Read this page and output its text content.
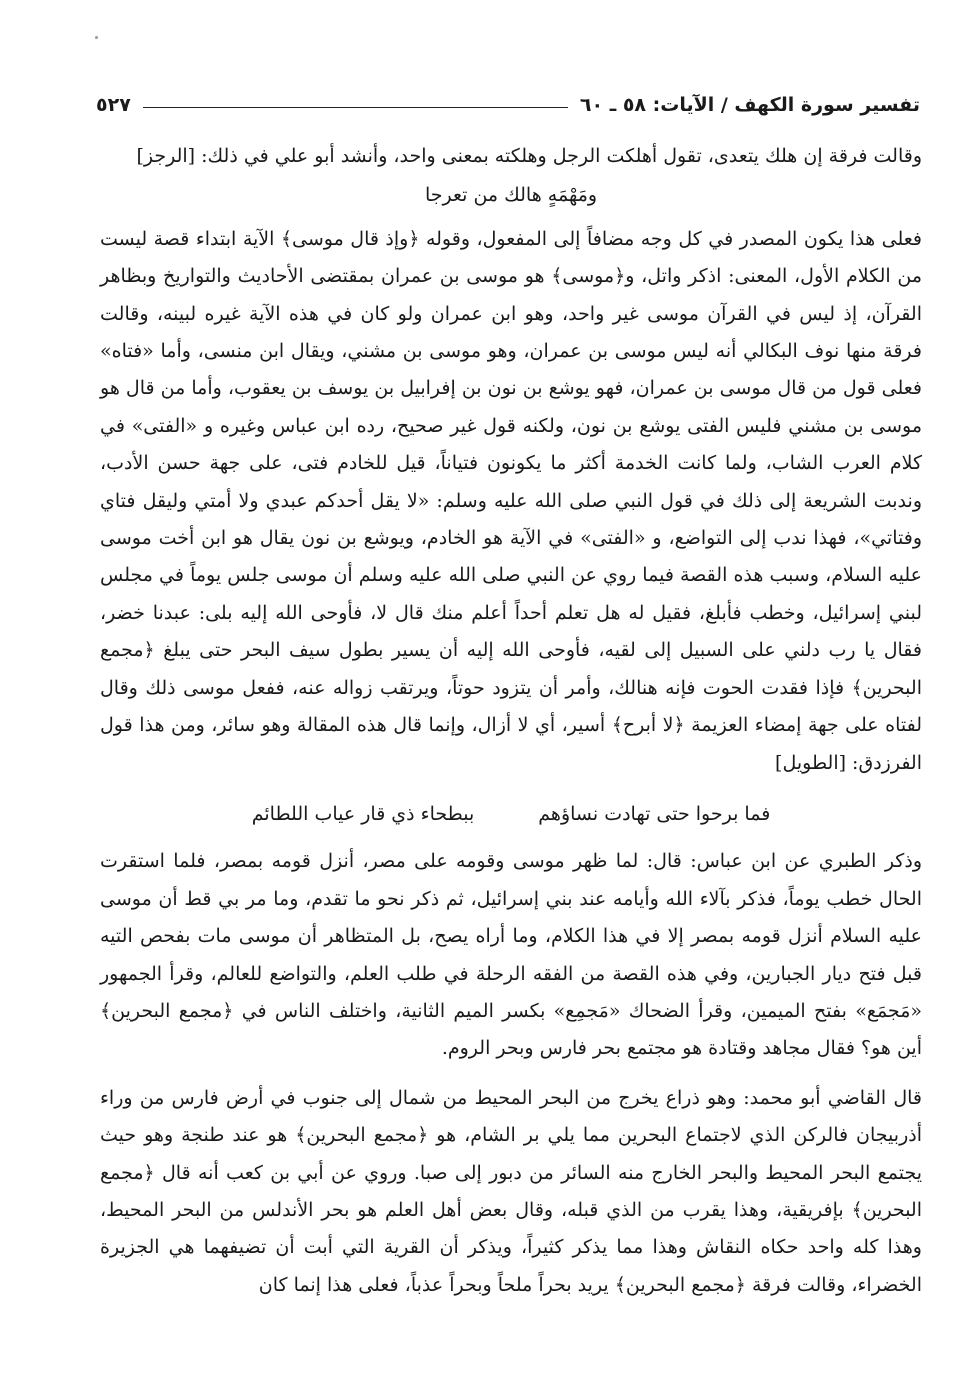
تفسير سورة الكهف / الآيات: ٥٨ ـ ٦٠
٥٢٧

وقالت فرقة إن هلك يتعدى، تقول أهلكت الرجل وهلكته بمعنى واحد، وأنشد أبو علي في ذلك: [الرجز]

ومَهْمَهٍ هالك من تعرجا

فعلى هذا يكون المصدر في كل وجه مضافاً إلى المفعول، وقوله ﴿وإذ قال موسى﴾ الآية ابتداء قصة ليست من الكلام الأول، المعنى: اذكر واتل، و﴿موسى﴾ هو موسى بن عمران بمقتضى الأحاديث والتواريخ وبظاهر القرآن، إذ ليس في القرآن موسى غير واحد، وهو ابن عمران ولو كان في هذه الآية غيره لبينه، وقالت فرقة منها نوف البكالي أنه ليس موسى بن عمران، وهو موسى بن مشني، ويقال ابن منسى، وأما «فتاه» فعلى قول من قال موسى بن عمران، فهو يوشع بن نون بن إفرابيل بن يوسف بن يعقوب، وأما من قال هو موسى بن مشني فليس الفتى يوشع بن نون، ولكنه قول غير صحيح، رده ابن عباس وغيره و «الفتى» في كلام العرب الشاب، ولما كانت الخدمة أكثر ما يكونون فتياناً، قيل للخادم فتى، على جهة حسن الأدب، وندبت الشريعة إلى ذلك في قول النبي صلى الله عليه وسلم: «لا يقل أحدكم عبدي ولا أمتي وليقل فتاي وفتاتي»، فهذا ندب إلى التواضع، و «الفتى» في الآية هو الخادم، ويوشع بن نون يقال هو ابن أخت موسى عليه السلام، وسبب هذه القصة فيما روي عن النبي صلى الله عليه وسلم أن موسى جلس يوماً في مجلس لبني إسرائيل، وخطب فأبلغ، فقيل له هل تعلم أحداً أعلم منك قال لا، فأوحى الله إليه بلى: عبدنا خضر، فقال يا رب دلني على السبيل إلى لقيه، فأوحى الله إليه أن يسير بطول سيف البحر حتى يبلغ ﴿مجمع البحرين﴾ فإذا فقدت الحوت فإنه هنالك، وأمر أن يتزود حوتاً، ويرتقب زواله عنه، ففعل موسى ذلك وقال لفتاه على جهة إمضاء العزيمة ﴿لا أبرح﴾ أسير، أي لا أزال، وإنما قال هذه المقالة وهو سائر، ومن هذا قول الفرزدق: [الطويل]

فما برحوا حتى تهادت نساؤهم
ببطحاء ذي قار عياب اللطائم

وذكر الطبري عن ابن عباس: قال: لما ظهر موسى وقومه على مصر، أنزل قومه بمصر، فلما استقرت الحال خطب يوماً، فذكر بآلاء الله وأيامه عند بني إسرائيل، ثم ذكر نحو ما تقدم، وما مر بي قط أن موسى عليه السلام أنزل قومه بمصر إلا في هذا الكلام، وما أراه يصح، بل المتظاهر أن موسى مات بفحص التيه قبل فتح ديار الجبارين، وفي هذه القصة من الفقه الرحلة في طلب العلم، والتواضع للعالم، وقرأ الجمهور «مَجمَع» بفتح الميمين، وقرأ الضحاك «مَجمِع» بكسر الميم الثانية، واختلف الناس في ﴿مجمع البحرين﴾ أين هو؟ فقال مجاهد وقتادة هو مجتمع بحر فارس وبحر الروم.

قال القاضي أبو محمد: وهو ذراع يخرج من البحر المحيط من شمال إلى جنوب في أرض فارس من وراء أذربيجان فالركن الذي لاجتماع البحرين مما يلي بر الشام، هو ﴿مجمع البحرين﴾ هو عند طنجة وهو حيث يجتمع البحر المحيط والبحر الخارج منه السائر من دبور إلى صبا. وروي عن أبي بن كعب أنه قال ﴿مجمع البحرين﴾ بإفريقية، وهذا يقرب من الذي قبله، وقال بعض أهل العلم هو بحر الأندلس من البحر المحيط، وهذا كله واحد حكاه النقاش وهذا مما يذكر كثيراً، ويذكر أن القرية التي أبت أن تضيفهما هي الجزيرة الخضراء، وقالت فرقة ﴿مجمع البحرين﴾ يريد بحراً ملحاً وبحراً عذباً، فعلى هذا إنما كان
